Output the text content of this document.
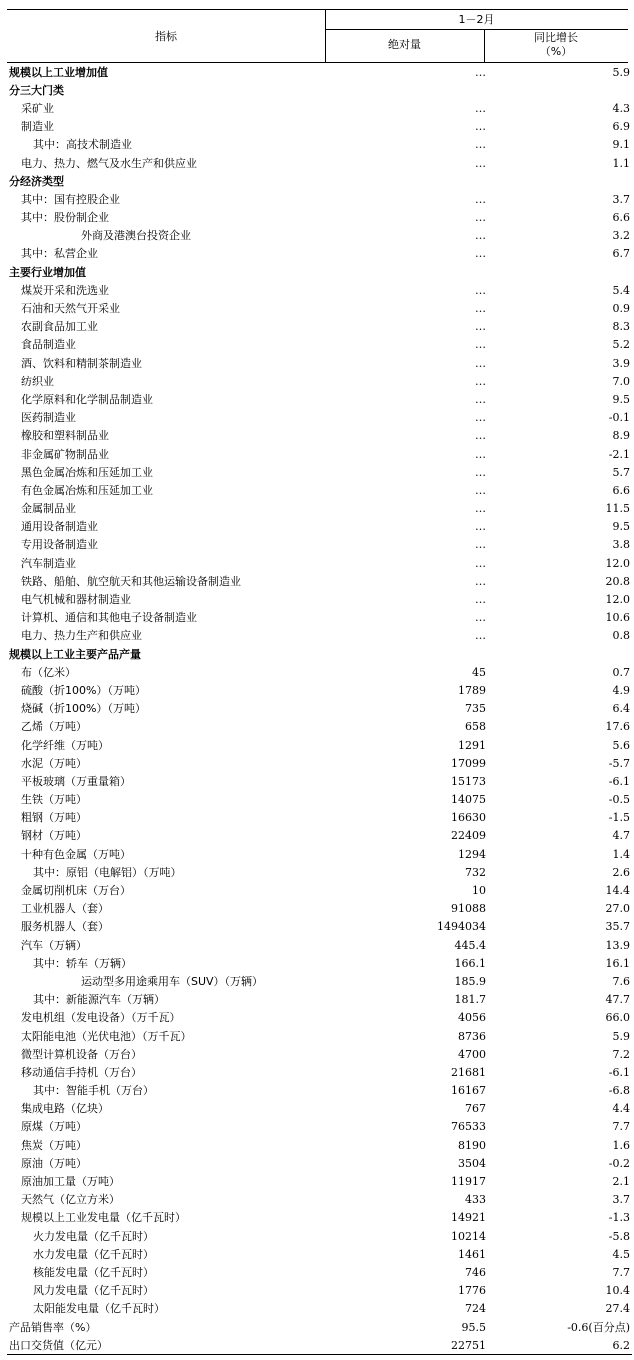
指标
1－2月
绝对量
同比增长
（%）
规模以上工业增加值	…	5.9
分三大门类		
采矿业	…	4.3
制造业	…	6.9
其中：高技术制造业	…	9.1
电力、热力、燃气及水生产和供应业	…	1.1
分经济类型		
其中：国有控股企业	…	3.7
其中：股份制企业	…	6.6
外商及港澳台投资企业	…	3.2
其中：私营企业	…	6.7
主要行业增加值		
煤炭开采和洗选业	…	5.4
石油和天然气开采业	…	0.9
农副食品加工业	…	8.3
食品制造业	…	5.2
酒、饮料和精制茶制造业	…	3.9
纺织业	…	7.0
化学原料和化学制品制造业	…	9.5
医药制造业	…	-0.1
橡胶和塑料制品业	…	8.9
非金属矿物制品业	…	-2.1
黑色金属冶炼和压延加工业	…	5.7
有色金属冶炼和压延加工业	…	6.6
金属制品业	…	11.5
通用设备制造业	…	9.5
专用设备制造业	…	3.8
汽车制造业	…	12.0
铁路、船舶、航空航天和其他运输设备制造业	…	20.8
电气机械和器材制造业	…	12.0
计算机、通信和其他电子设备制造业	…	10.6
电力、热力生产和供应业	…	0.8
规模以上工业主要产品产量		
布（亿米）	45	0.7
硫酸（折100%）（万吨）	1789	4.9
烧碱（折100%）（万吨）	735	6.4
乙烯（万吨）	658	17.6
化学纤维（万吨）	1291	5.6
水泥（万吨）	17099	-5.7
平板玻璃（万重量箱）	15173	-6.1
生铁（万吨）	14075	-0.5
粗钢（万吨）	16630	-1.5
钢材（万吨）	22409	4.7
十种有色金属（万吨）	1294	1.4
其中：原铝（电解铝）（万吨）	732	2.6
金属切削机床（万台）	10	14.4
工业机器人（套）	91088	27.0
服务机器人（套）	1494034	35.7
汽车（万辆）	445.4	13.9
其中：轿车（万辆）	166.1	16.1
运动型多用途乘用车（SUV）（万辆）	185.9	7.6
其中：新能源汽车（万辆）	181.7	47.7
发电机组（发电设备）（万千瓦）	4056	66.0
太阳能电池（光伏电池）（万千瓦）	8736	5.9
微型计算机设备（万台）	4700	7.2
移动通信手持机（万台）	21681	-6.1
其中：智能手机（万台）	16167	-6.8
集成电路（亿块）	767	4.4
原煤（万吨）	76533	7.7
焦炭（万吨）	8190	1.6
原油（万吨）	3504	-0.2
原油加工量（万吨）	11917	2.1
天然气（亿立方米）	433	3.7
规模以上工业发电量（亿千瓦时）	14921	-1.3
火力发电量（亿千瓦时）	10214	-5.8
水力发电量（亿千瓦时）	1461	4.5
核能发电量（亿千瓦时）	746	7.7
风力发电量（亿千瓦时）	1776	10.4
太阳能发电量（亿千瓦时）	724	27.4
产品销售率（%）	95.5	-0.6(百分点)
出口交货值（亿元）	22751	6.2
